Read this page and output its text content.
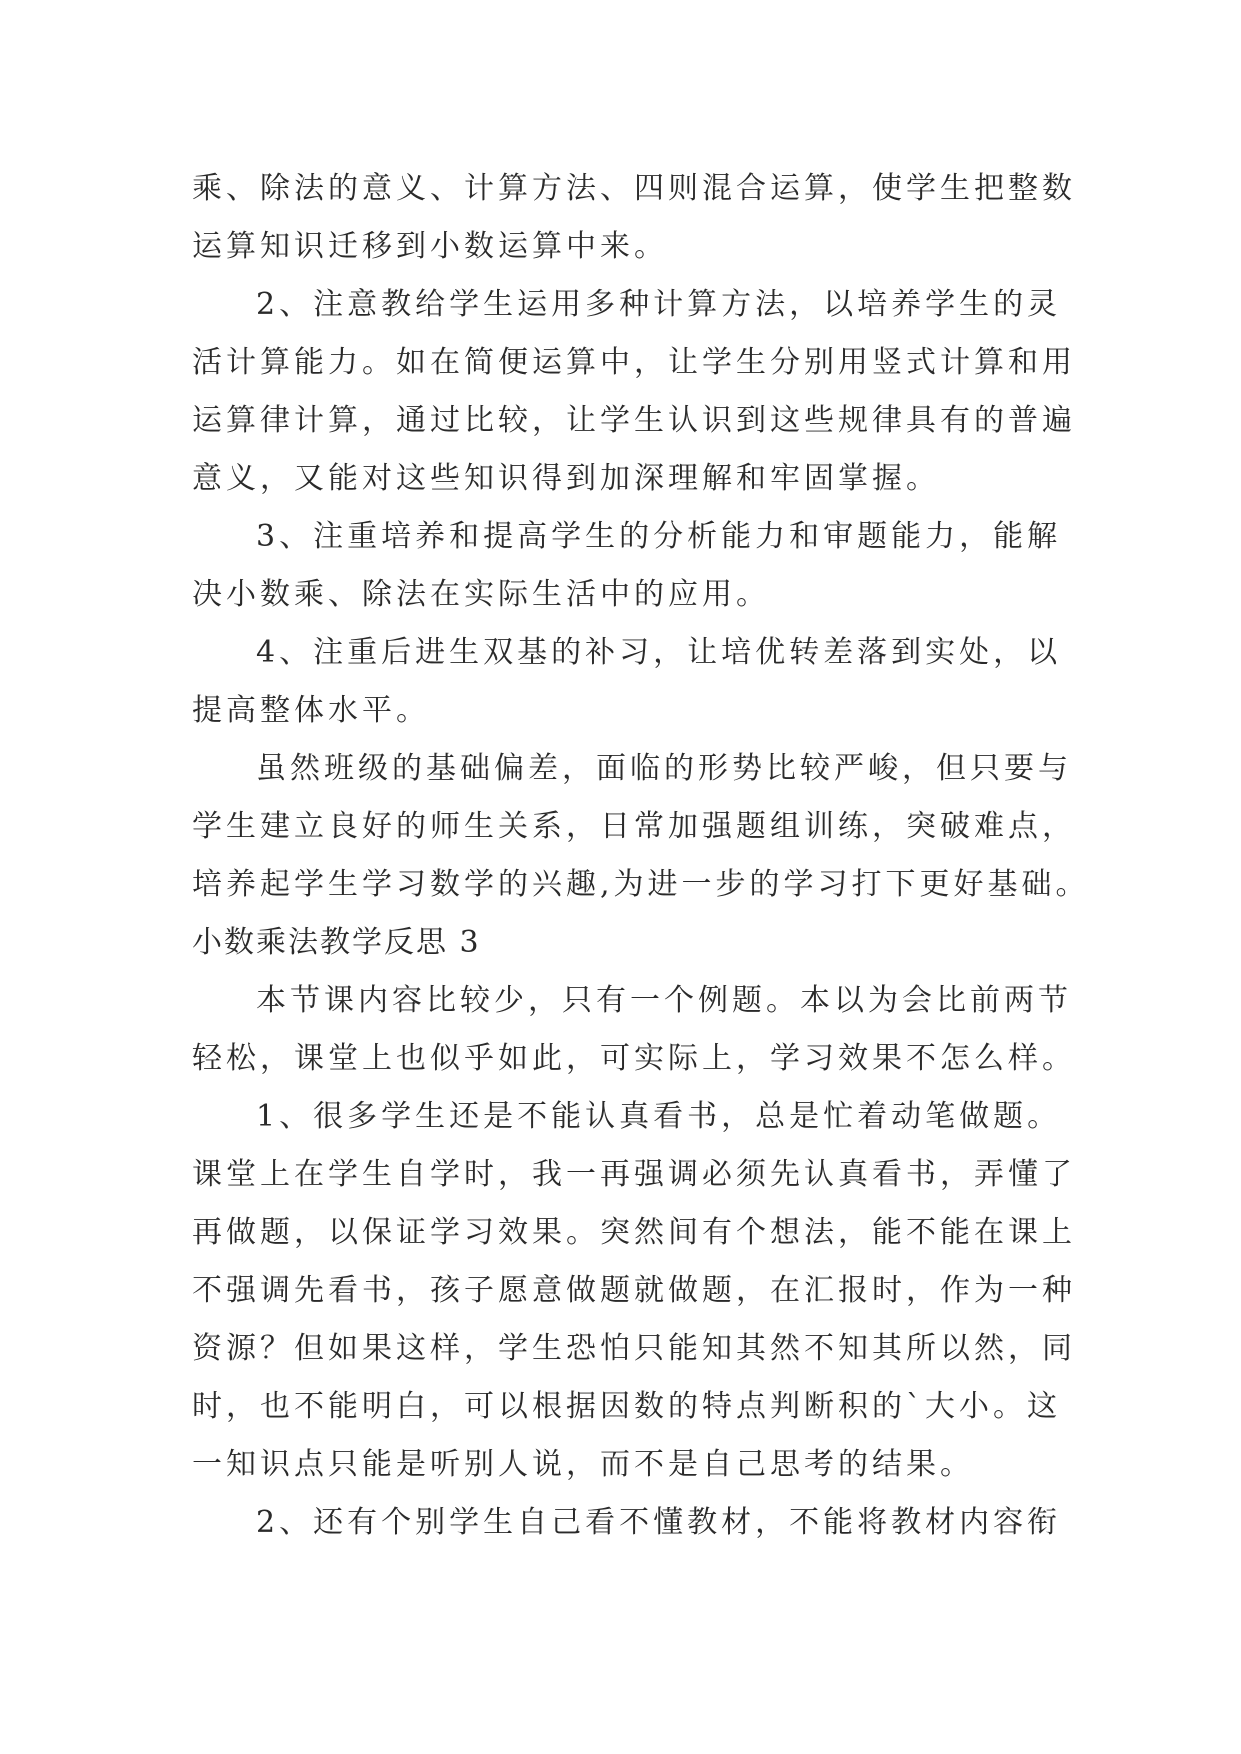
乘、除法的意义、计算方法、四则混合运算，使学生把整数
运算知识迁移到小数运算中来。
2、注意教给学生运用多种计算方法，以培养学生的灵
活计算能力。如在简便运算中，让学生分别用竖式计算和用
运算律计算，通过比较，让学生认识到这些规律具有的普遍
意义，又能对这些知识得到加深理解和牢固掌握。
3、注重培养和提高学生的分析能力和审题能力，能解
决小数乘、除法在实际生活中的应用。
4、注重后进生双基的补习，让培优转差落到实处，以
提高整体水平。
虽然班级的基础偏差，面临的形势比较严峻，但只要与
学生建立良好的师生关系，日常加强题组训练，突破难点，
培养起学生学习数学的兴趣,为进一步的学习打下更好基础。
小数乘法教学反思 3
本节课内容比较少，只有一个例题。本以为会比前两节
轻松，课堂上也似乎如此，可实际上，学习效果不怎么样。
1、很多学生还是不能认真看书，总是忙着动笔做题。
课堂上在学生自学时，我一再强调必须先认真看书，弄懂了
再做题，以保证学习效果。突然间有个想法，能不能在课上
不强调先看书，孩子愿意做题就做题，在汇报时，作为一种
资源？但如果这样，学生恐怕只能知其然不知其所以然，同
时，也不能明白，可以根据因数的特点判断积的`大小。这
一知识点只能是听别人说，而不是自己思考的结果。
2、还有个别学生自己看不懂教材，不能将教材内容衔
